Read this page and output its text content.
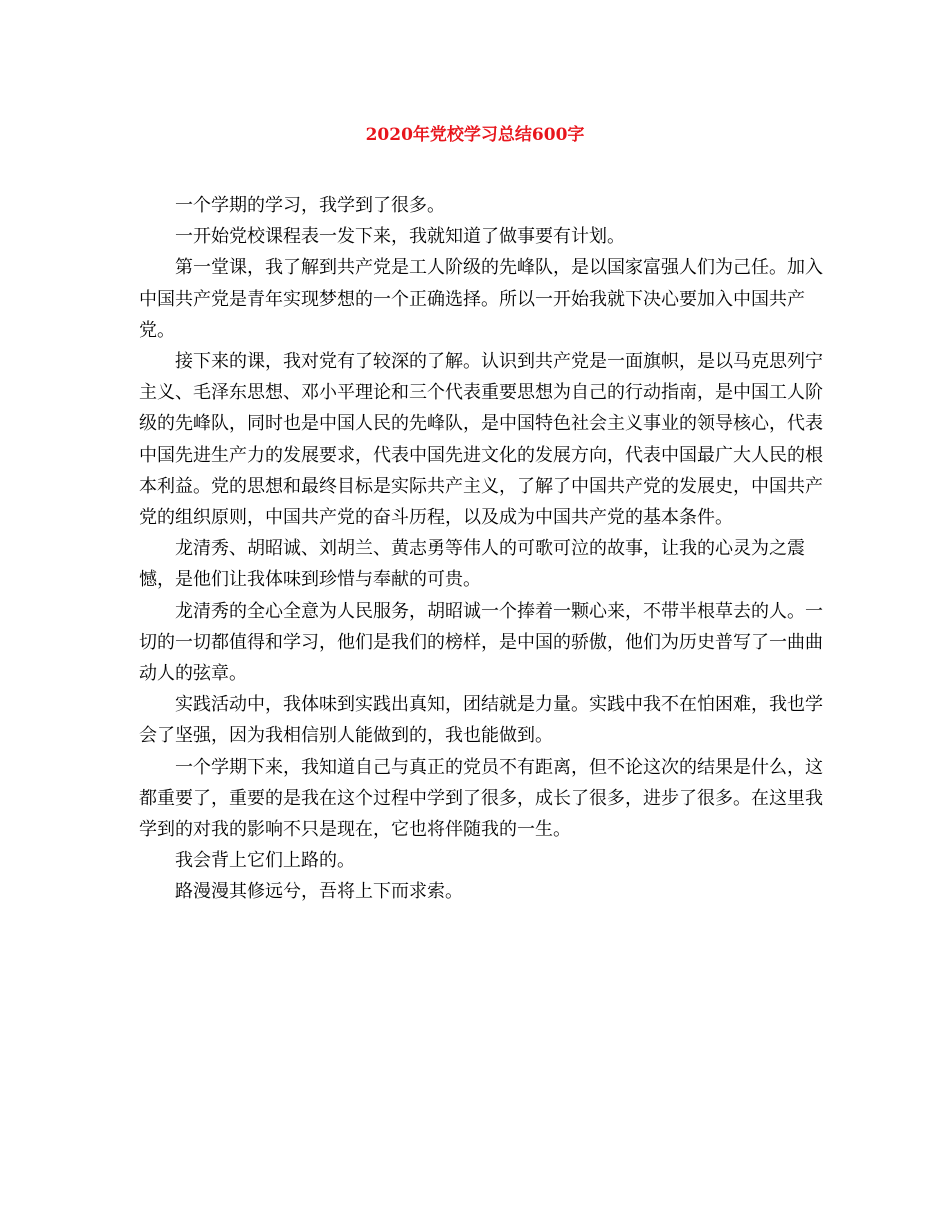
2020年党校学习总结600字

一个学期的学习，我学到了很多。

一开始党校课程表一发下来，我就知道了做事要有计划。

第一堂课，我了解到共产党是工人阶级的先峰队，是以国家富强人们为己任。加入中国共产党是青年实现梦想的一个正确选择。所以一开始我就下决心要加入中国共产党。

接下来的课，我对党有了较深的了解。认识到共产党是一面旗帜，是以马克思列宁主义、毛泽东思想、邓小平理论和三个代表重要思想为自己的行动指南，是中国工人阶级的先峰队，同时也是中国人民的先峰队，是中国特色社会主义事业的领导核心，代表中国先进生产力的发展要求，代表中国先进文化的发展方向，代表中国最广大人民的根本利益。党的思想和最终目标是实际共产主义，了解了中国共产党的发展史，中国共产党的组织原则，中国共产党的奋斗历程，以及成为中国共产党的基本条件。

龙清秀、胡昭诚、刘胡兰、黄志勇等伟人的可歌可泣的故事，让我的心灵为之震憾，是他们让我体味到珍惜与奉献的可贵。

龙清秀的全心全意为人民服务，胡昭诚一个捧着一颗心来，不带半根草去的人。一切的一切都值得和学习，他们是我们的榜样，是中国的骄傲，他们为历史普写了一曲曲动人的弦章。

实践活动中，我体味到实践出真知，团结就是力量。实践中我不在怕困难，我也学会了坚强，因为我相信别人能做到的，我也能做到。

一个学期下来，我知道自己与真正的党员不有距离，但不论这次的结果是什么，这都重要了，重要的是我在这个过程中学到了很多，成长了很多，进步了很多。在这里我学到的对我的影响不只是现在，它也将伴随我的一生。

我会背上它们上路的。

路漫漫其修远兮，吾将上下而求索。
